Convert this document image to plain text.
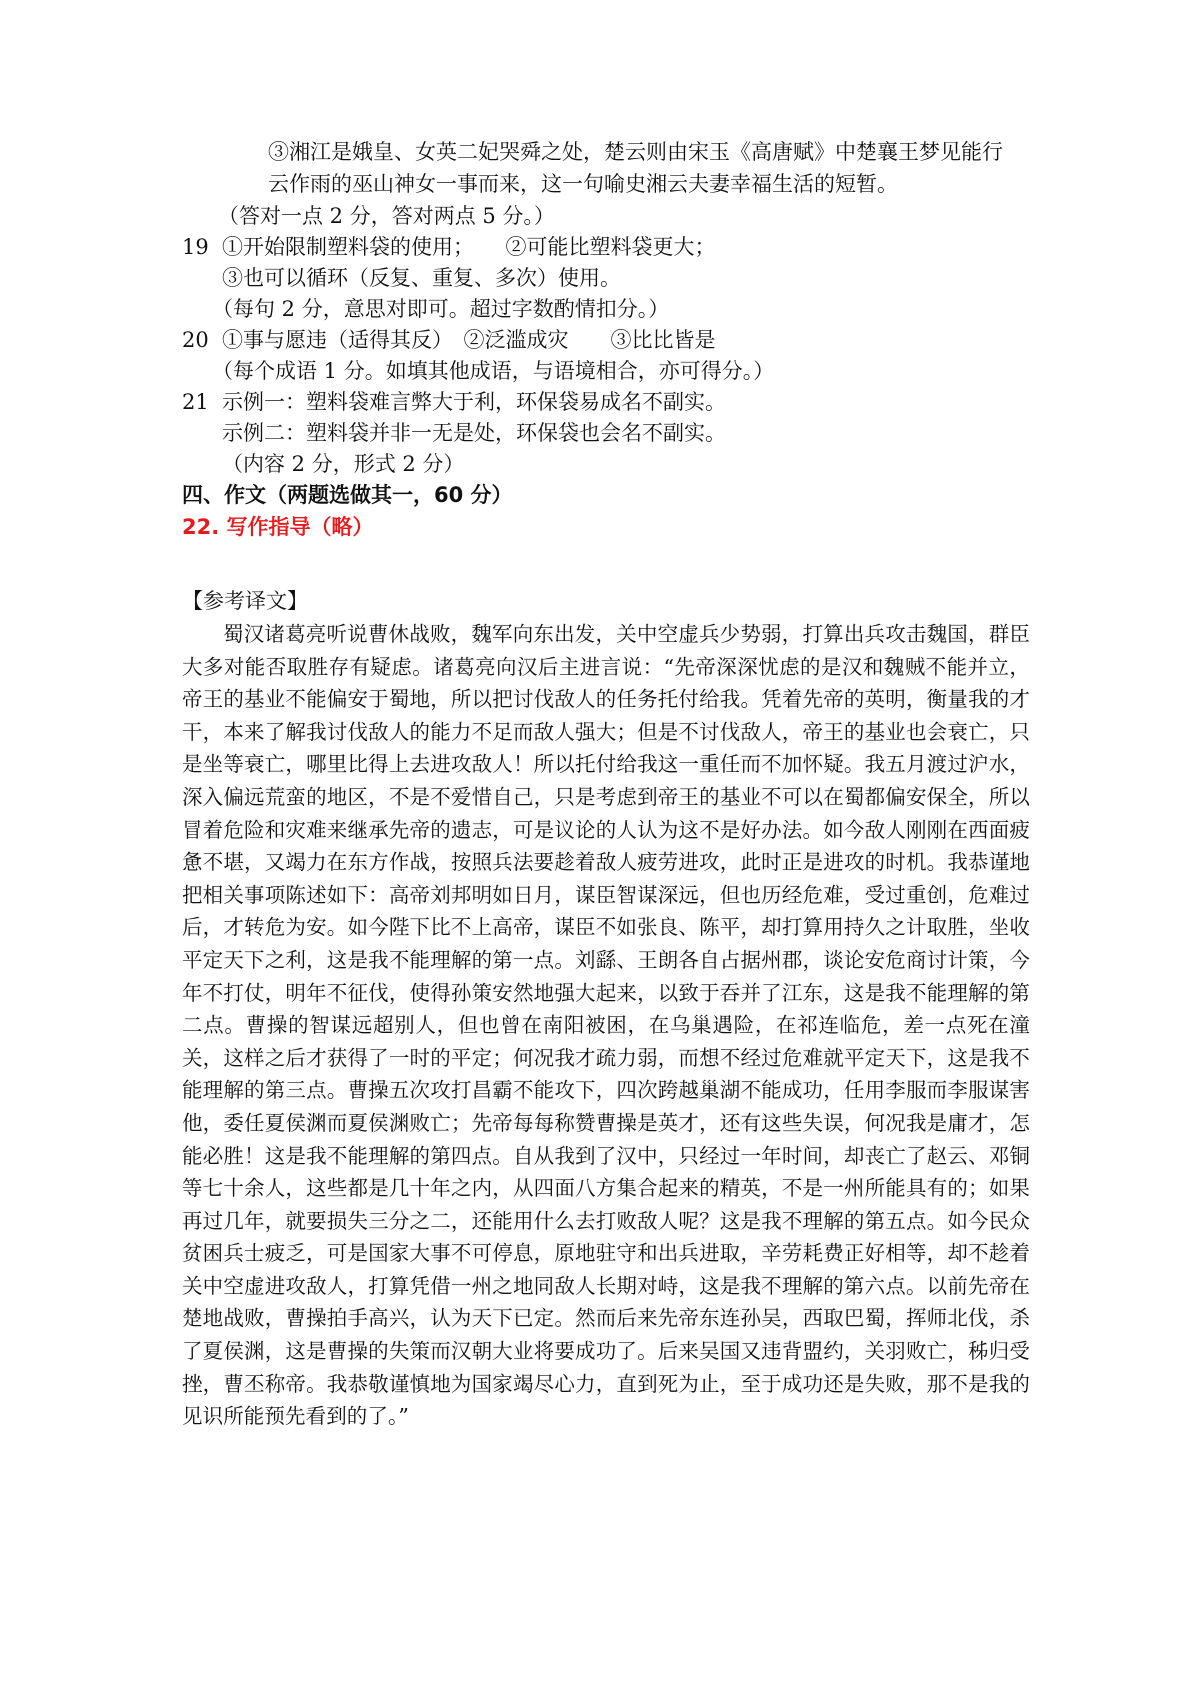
③湘江是娥皇、女英二妃哭舜之处，楚云则由宋玉《高唐赋》中楚襄王梦见能行
云作雨的巫山神女一事而来，这一句喻史湘云夫妻幸福生活的短暂。
（答对一点 2 分，答对两点 5 分。）
19 ①开始限制塑料袋的使用；　　②可能比塑料袋更大；
③也可以循环（反复、重复、多次）使用。
（每句 2 分，意思对即可。超过字数酌情扣分。）
20 ①事与愿违（适得其反）　②泛滥成灾　　③比比皆是
（每个成语 1 分。如填其他成语，与语境相合，亦可得分。）
21 示例一：塑料袋难言弊大于利，环保袋易成名不副实。
示例二：塑料袋并非一无是处，环保袋也会名不副实。
（内容 2 分，形式 2 分）
四、作文（两题选做其一，60 分）
22. 写作指导（略）
【参考译文】
蜀汉诸葛亮听说曹休战败，魏军向东出发，关中空虚兵少势弱，打算出兵攻击魏国，群臣大多对能否取胜存有疑虑。诸葛亮向汉后主进言说：“先帝深深忧虑的是汉和魏贼不能并立，帝王的基业不能偏安于蜀地，所以把讨伐敌人的任务托付给我。凭着先帝的英明，衡量我的才干，本来了解我讨伐敌人的能力不足而敌人强大；但是不讨伐敌人，帝王的基业也会衰亡，只是坐等衰亡，哪里比得上去进攻敌人！所以托付给我这一重任而不加怀疑。我五月渡过沪水，深入偏远荒蛮的地区，不是不爱惜自己，只是考虑到帝王的基业不可以在蜀都偏安保全，所以冒着危险和灾难来继承先帝的遗志，可是议论的人认为这不是好办法。如今敌人刚刚在西面疲惫不堪，又竭力在东方作战，按照兵法要趁着敌人疲劳进攻，此时正是进攻的时机。我恭谨地把相关事项陈述如下：高帝刘邦明如日月，谋臣智谋深远，但也历经危难，受过重创，危难过后，才转危为安。如今陛下比不上高帝，谋臣不如张良、陈平，却打算用持久之计取胜，坐收平定天下之利，这是我不能理解的第一点。刘繇、王朗各自占据州郡，谈论安危商讨计策，今年不打仗，明年不征伐，使得孙策安然地强大起来，以致于吞并了江东，这是我不能理解的第二点。曹操的智谋远超别人，但也曾在南阳被困，在乌巢遇险，在祁连临危，差一点死在潼关，这样之后才获得了一时的平定；何况我才疏力弱，而想不经过危难就平定天下，这是我不能理解的第三点。曹操五次攻打昌霸不能攻下，四次跨越巢湖不能成功，任用李服而李服谋害他，委任夏侯渊而夏侯渊败亡；先帝每每称赞曹操是英才，还有这些失误，何况我是庸才，怎能必胜！这是我不能理解的第四点。自从我到了汉中，只经过一年时间，却丧亡了赵云、邓铜等七十余人，这些都是几十年之内，从四面八方集合起来的精英，不是一州所能具有的；如果再过几年，就要损失三分之二，还能用什么去打败敌人呢？这是我不理解的第五点。如今民众贫困兵士疲乏，可是国家大事不可停息，原地驻守和出兵进取，辛劳耗费正好相等，却不趁着关中空虚进攻敌人，打算凭借一州之地同敌人长期对峙，这是我不理解的第六点。以前先帝在楚地战败，曹操拍手高兴，认为天下已定。然而后来先帝东连孙吴，西取巴蜀，挥师北伐，杀了夏侯渊，这是曹操的失策而汉朝大业将要成功了。后来吴国又违背盟约，关羽败亡，秭归受挫，曹丕称帝。我恭敬谨慎地为国家竭尽心力，直到死为止，至于成功还是失败，那不是我的见识所能预先看到的了。”
